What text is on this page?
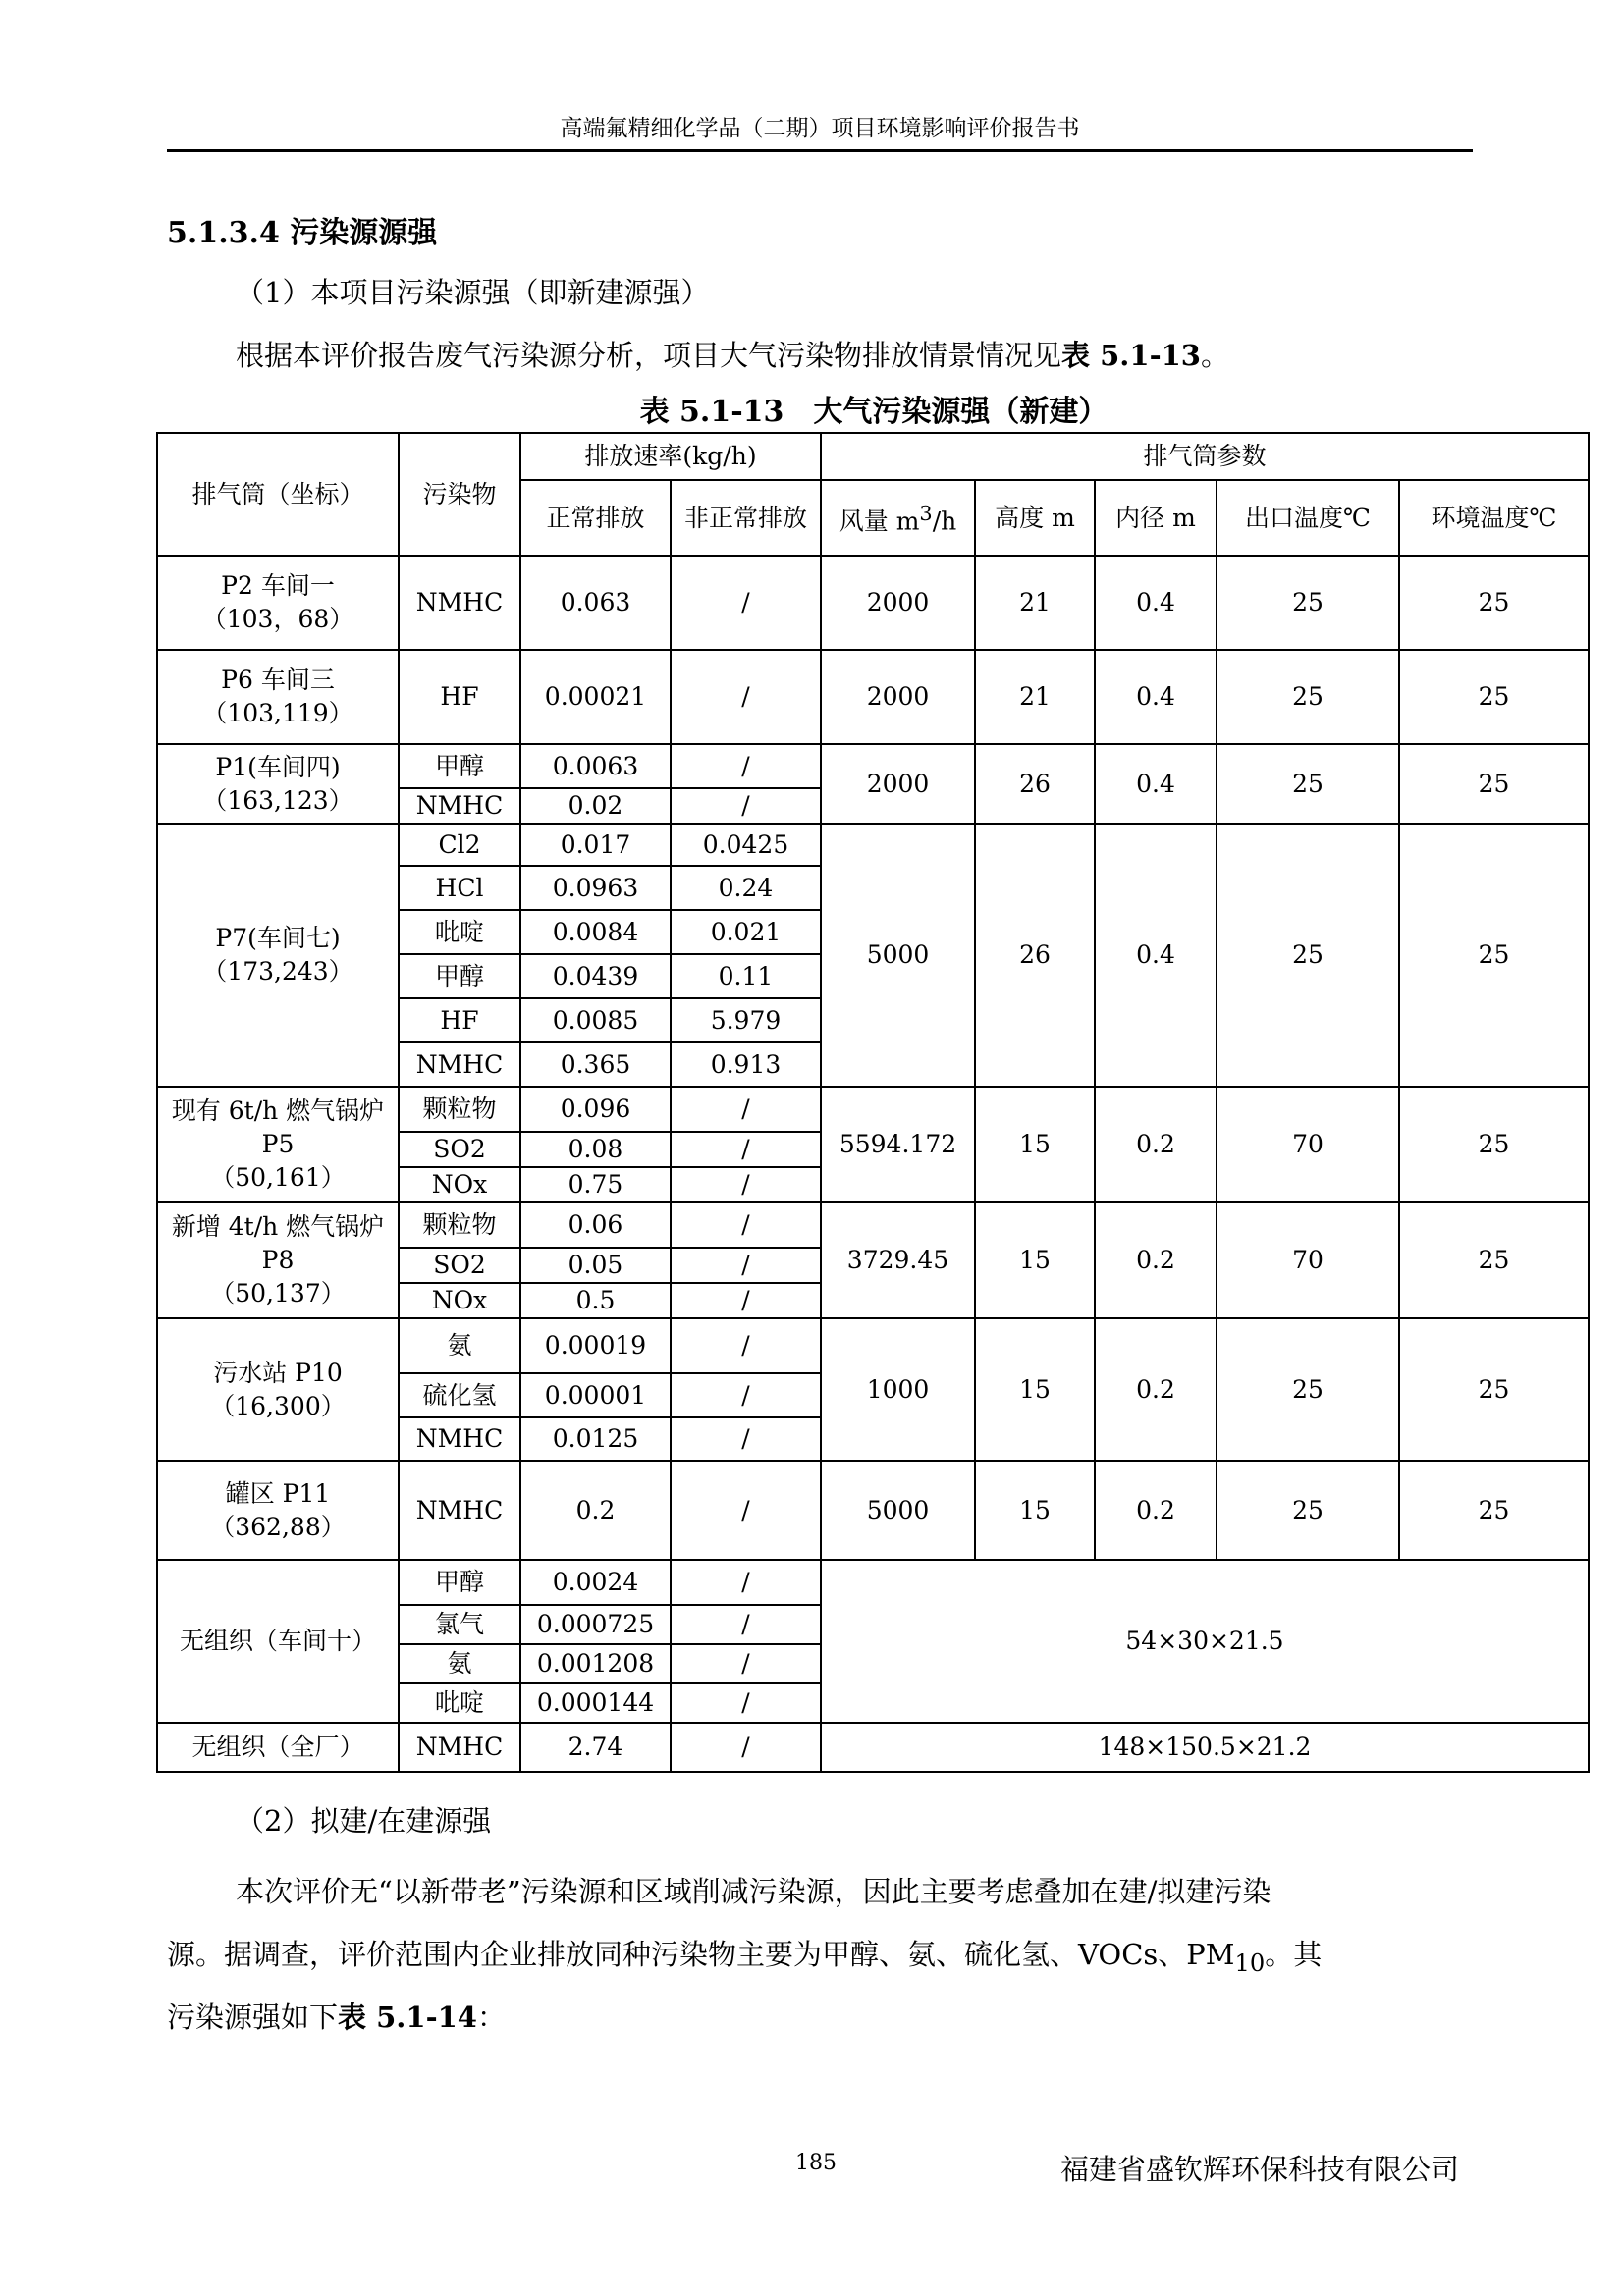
高端氟精细化学品（二期）项目环境影响评价报告书
5.1.3.4 污染源源强
（1）本项目污染源强（即新建源强）
根据本评价报告废气污染源分析，项目大气污染物排放情景情况见表 5.1-13。
表 5.1-13　大气污染源强（新建）
排气筒（坐标）	污染物	排放速率(kg/h)		排气筒参数				
		正常排放	非正常排放	风量 $m^3/h$	高度 m	内径 m	出口温度℃	环境温度℃

P2 车间一
（103，68）	NMHC	0.063	/	2000	21	0.4	25	25

P6 车间三
（103,119）	HF	0.00021	/	2000	21	0.4	25	25

P1(车间四)
（163,123）	甲醇	0.0063	/	2000	26	0.4	25	25
	NMHC	0.02	/					

P7(车间七)
（173,243）	Cl2	0.017	0.0425	5000	26	0.4	25	25
	HCl	0.0963	0.24					
	吡啶	0.0084	0.021					
	甲醇	0.0439	0.11					
	HF	0.0085	5.979					
	NMHC	0.365	0.913					

现有 6t/h 燃气锅炉 P5
（50,161）	颗粒物	0.096	/	5594.172	15	0.2	70	25
	SO2	0.08	/					
	NOx	0.75	/					

新增 4t/h 燃气锅炉 P8
（50,137）	颗粒物	0.06	/	3729.45	15	0.2	70	25
	SO2	0.05	/					
	NOx	0.5	/					

污水站 P10
（16,300）	氨	0.00019	/	1000	15	0.2	25	25
	硫化氢	0.00001	/					
	NMHC	0.0125	/					

罐区 P11
（362,88）	NMHC	0.2	/	5000	15	0.2	25	25
无组织（车间十）	甲醇	0.0024	/	54×30×21.5				
	氯气	0.000725	/					
	氨	0.001208	/					
	吡啶	0.000144	/					
无组织（全厂）	NMHC	2.74	/	148×150.5×21.2				
（2）拟建/在建源强
本次评价无“以新带老”污染源和区域削减污染源，因此主要考虑叠加在建/拟建污染
源。据调查，评价范围内企业排放同种污染物主要为甲醇、氨、硫化氢、VOCs、$PM_{10}$。其
污染源强如下表 5.1-14：
185	福建省盛钦辉环保科技有限公司
